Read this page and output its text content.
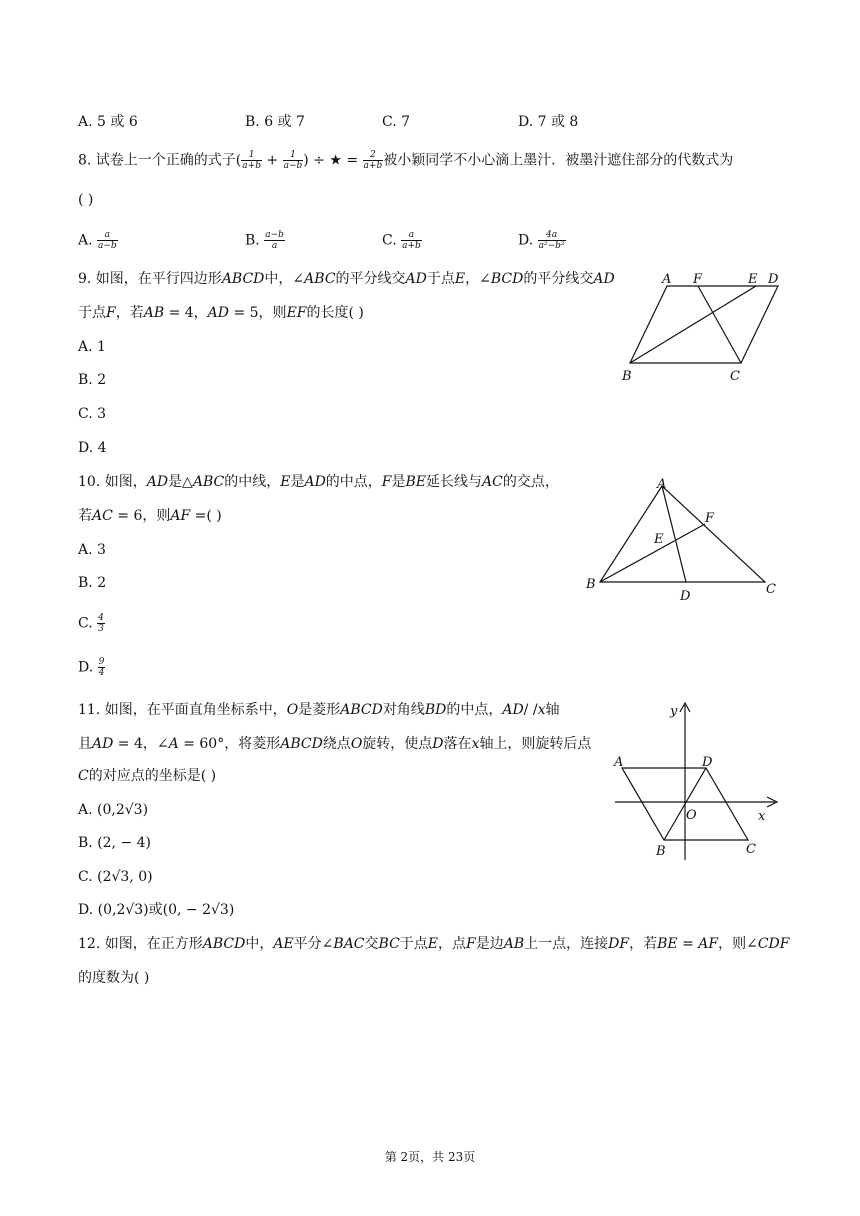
A. 5 或 6	B. 6 或 7	C. 7	D. 7 或 8
8. 试卷上一个正确的式子( $\frac{1}{a+b} + \frac{1}{a-b}$ ) ÷ ★ = $\frac{2}{a+b}$ 被小颖同学不小心滴上墨汁．被墨汁遮住部分的代数式为
( )
A. $\frac{a}{a-b}$	B. $\frac{a-b}{a}$	C. $\frac{a}{a+b}$	D. $\frac{4a}{\text{a²−b²}}$
9. 如图，在平行四边形ABCD中，∠ABC的平分线交AD于点E，∠BCD的平分线交AD
于点F，若AB = 4，AD = 5，则EF的长度( )
A. 1
B. 2
C. 3
D. 4
A F	E D
B	C
10. 如图，AD是△ABC的中线，E是AD的中点，F是BE延长线与AC的交点，
若AC = 6，则AF =( )
A. 3
B. 2
C. $\frac{4}{3}$
D. $\frac{9}{4}$
A
F
E
B
D	C
11. 如图，在平面直角坐标系中，O是菱形ABCD对角线BD的中点，AD/ /x轴
且AD = 4，∠A = 60°，将菱形ABCD绕点O旋转，使点D落在x轴上，则旋转后点
C的对应点的坐标是( )
A. (0,2√3)
B. (2, − 4)
C. (2√3, 0)
D. (0,2√3)或(0, − 2√3)
y
x
A	D
O
B	C
12. 如图，在正方形ABCD中，AE平分∠BAC交BC于点E，点F是边AB上一点，连接DF，若BE = AF，则∠CDF
的度数为( )
第 2页，共 23页
